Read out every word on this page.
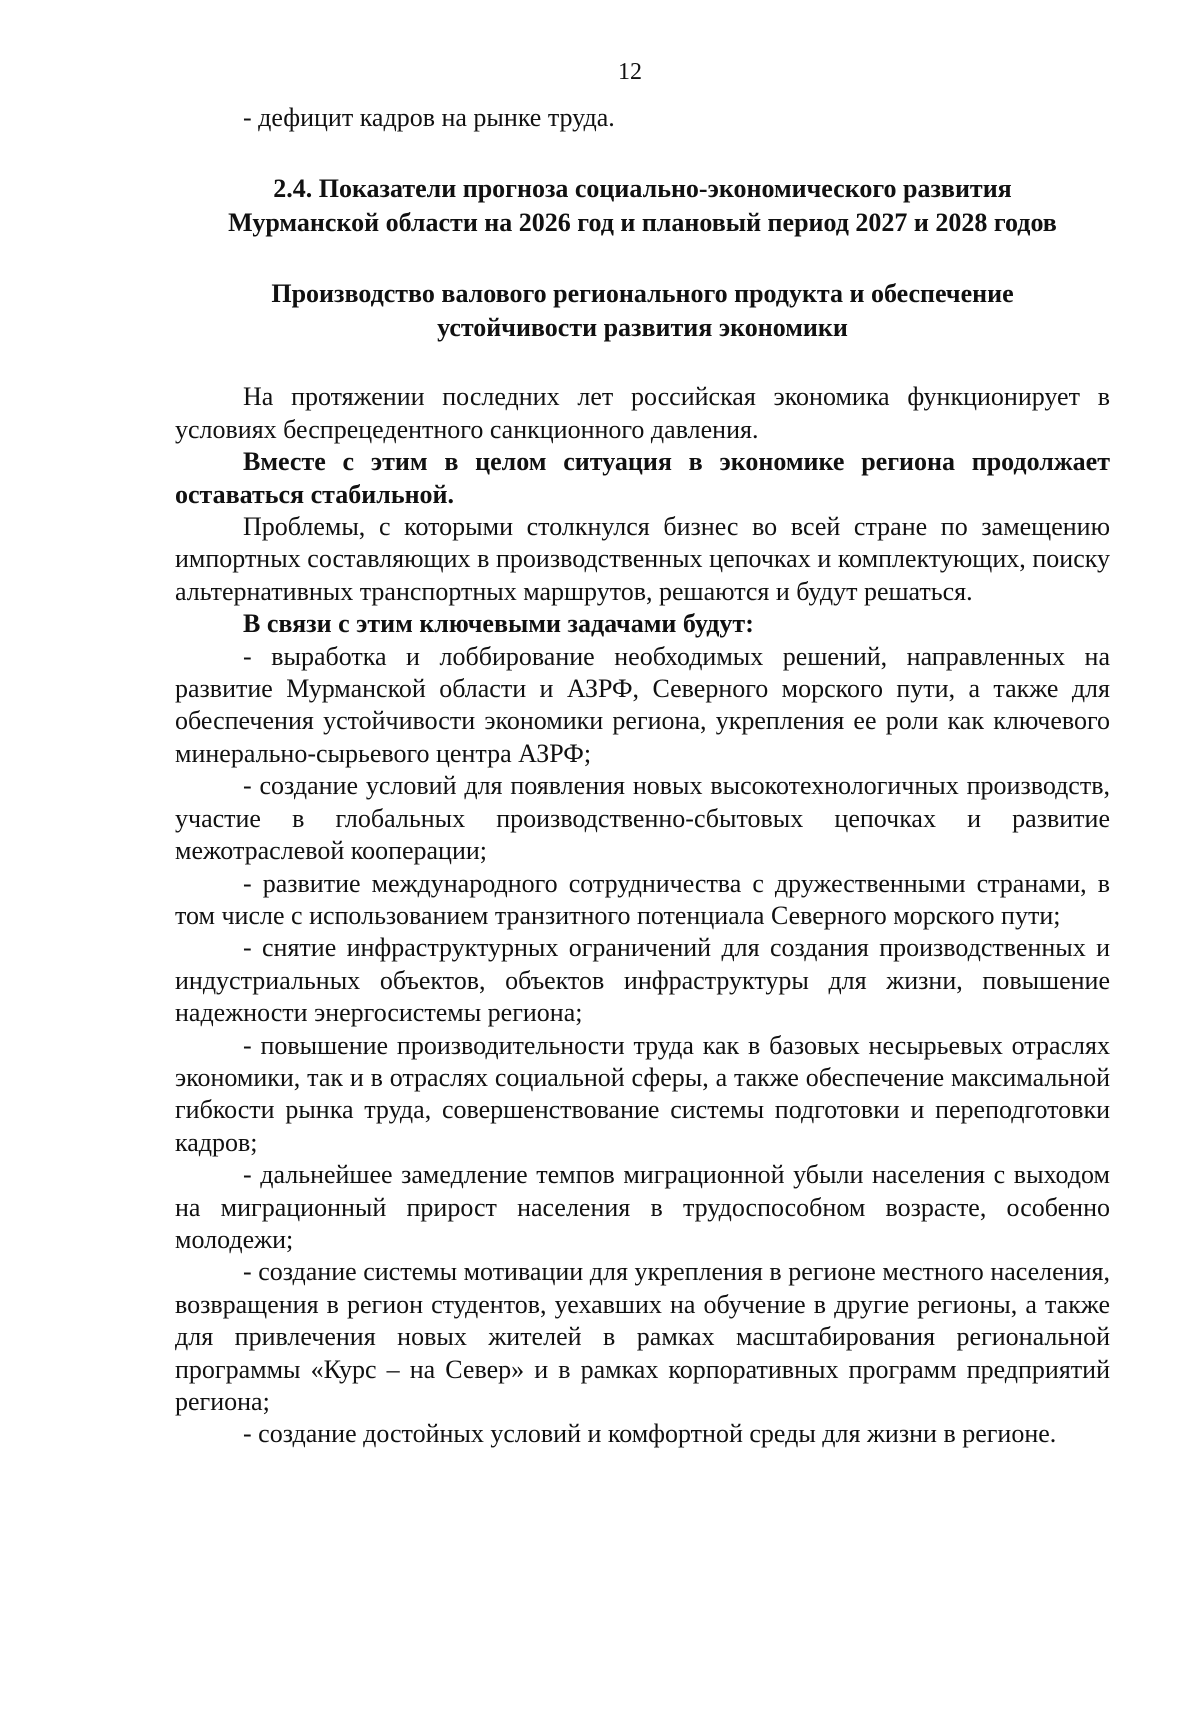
12

- дефицит кадров на рынке труда.

2.4. Показатели прогноза социально-экономического развития
Мурманской области на 2026 год и плановый период 2027 и 2028 годов

Производство валового регионального продукта и обеспечение
устойчивости развития экономики

На протяжении последних лет российская экономика функционирует в условиях беспрецедентного санкционного давления.

Вместе с этим в целом ситуация в экономике региона продолжает оставаться стабильной.

Проблемы, с которыми столкнулся бизнес во всей стране по замещению импортных составляющих в производственных цепочках и комплектующих, поиску альтернативных транспортных маршрутов, решаются и будут решаться.

В связи с этим ключевыми задачами будут:

- выработка и лоббирование необходимых решений, направленных на развитие Мурманской области и АЗРФ, Северного морского пути, а также для обеспечения устойчивости экономики региона, укрепления ее роли как ключевого минерально-сырьевого центра АЗРФ;

- создание условий для появления новых высокотехнологичных производств, участие в глобальных производственно-сбытовых цепочках и развитие межотраслевой кооперации;

- развитие международного сотрудничества с дружественными странами, в том числе с использованием транзитного потенциала Северного морского пути;

- снятие инфраструктурных ограничений для создания производственных и индустриальных объектов, объектов инфраструктуры для жизни, повышение надежности энергосистемы региона;

- повышение производительности труда как в базовых несырьевых отраслях экономики, так и в отраслях социальной сферы, а также обеспечение максимальной гибкости рынка труда, совершенствование системы подготовки и переподготовки кадров;

- дальнейшее замедление темпов миграционной убыли населения с выходом на миграционный прирост населения в трудоспособном возрасте, особенно молодежи;

- создание системы мотивации для укрепления в регионе местного населения, возвращения в регион студентов, уехавших на обучение в другие регионы, а также для привлечения новых жителей в рамках масштабирования региональной программы «Курс – на Север» и в рамках корпоративных программ предприятий региона;

- создание достойных условий и комфортной среды для жизни в регионе.
